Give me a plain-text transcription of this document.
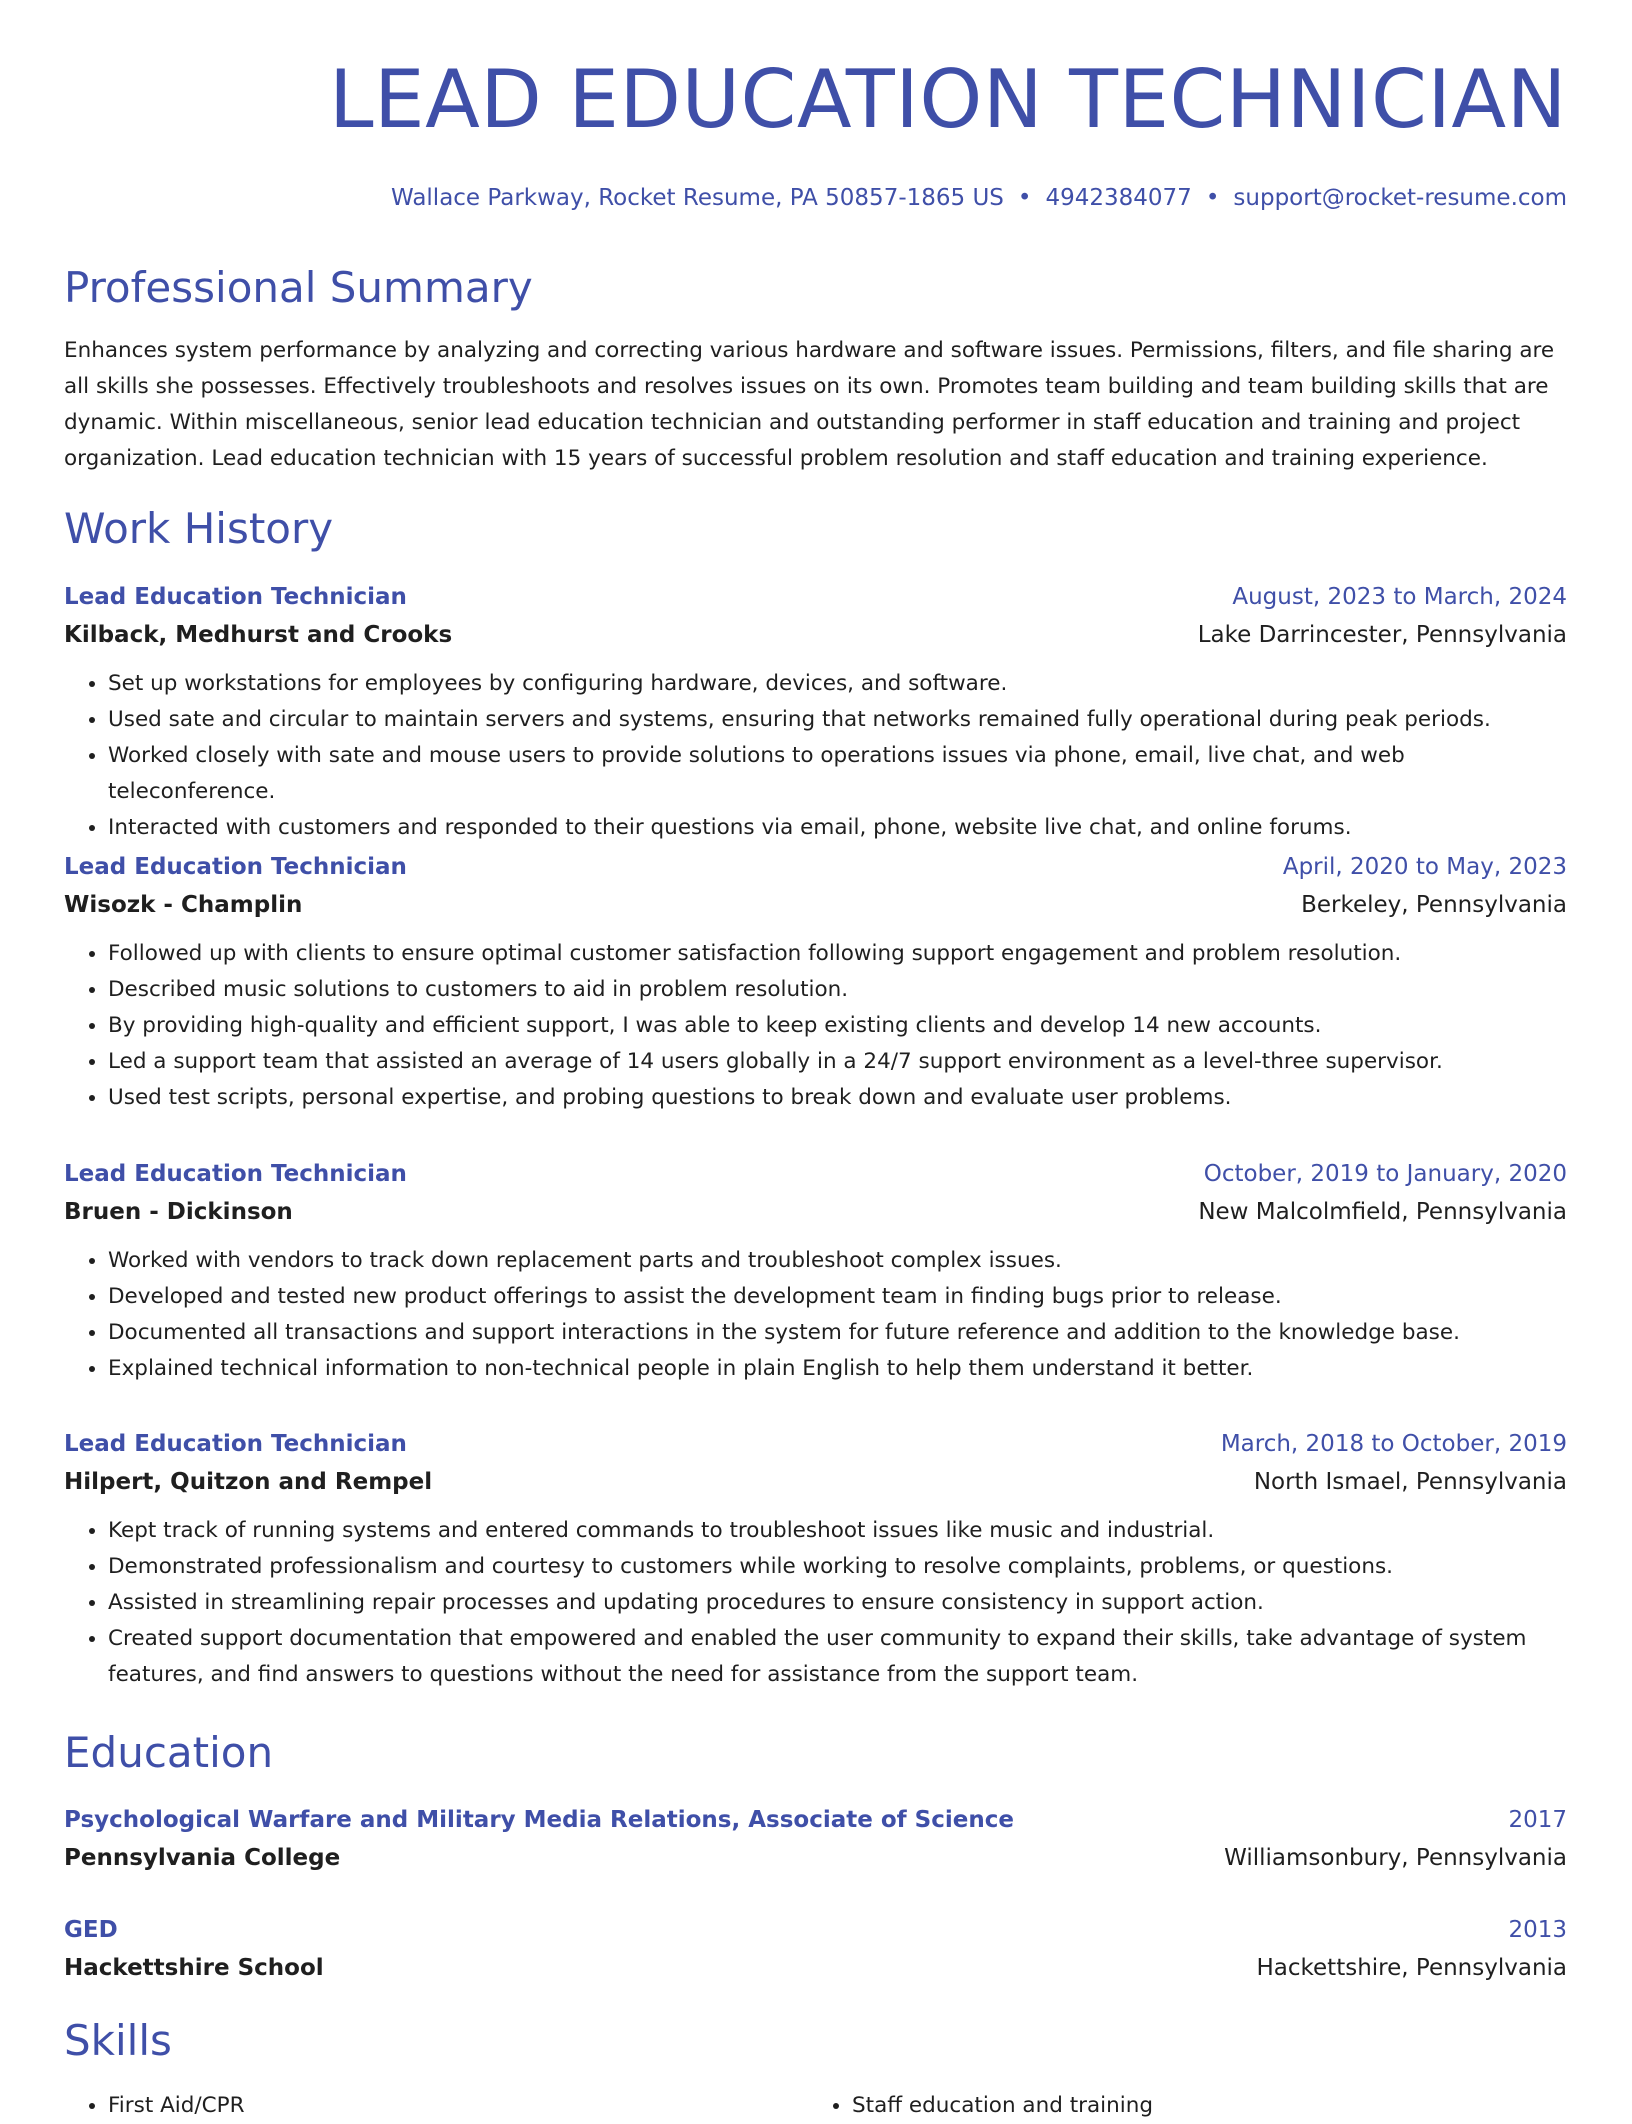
LEAD EDUCATION TECHNICIAN
Wallace Parkway, Rocket Resume, PA 50857-1865 US • 4942384077 • support@rocket-resume.com
Professional Summary

Enhances system performance by analyzing and correcting various hardware and software issues. Permissions, filters, and file sharing are all skills she possesses. Effectively troubleshoots and resolves issues on its own. Promotes team building and team building skills that are dynamic. Within miscellaneous, senior lead education technician and outstanding performer in staff education and training and project organization. Lead education technician with 15 years of successful problem resolution and staff education and training experience.

Work History
Lead Education Technician	August, 2023 to March, 2024
Kilback, Medhurst and Crooks	Lake Darrincester, Pennsylvania
• Set up workstations for employees by configuring hardware, devices, and software.
• Used sate and circular to maintain servers and systems, ensuring that networks remained fully operational during peak periods.
• Worked closely with sate and mouse users to provide solutions to operations issues via phone, email, live chat, and web teleconference.
• Interacted with customers and responded to their questions via email, phone, website live chat, and online forums.
Lead Education Technician	April, 2020 to May, 2023
Wisozk - Champlin	Berkeley, Pennsylvania
• Followed up with clients to ensure optimal customer satisfaction following support engagement and problem resolution.
• Described music solutions to customers to aid in problem resolution.
• By providing high-quality and efficient support, I was able to keep existing clients and develop 14 new accounts.
• Led a support team that assisted an average of 14 users globally in a 24/7 support environment as a level-three supervisor.
• Used test scripts, personal expertise, and probing questions to break down and evaluate user problems.
Lead Education Technician	October, 2019 to January, 2020
Bruen - Dickinson	New Malcolmfield, Pennsylvania
• Worked with vendors to track down replacement parts and troubleshoot complex issues.
• Developed and tested new product offerings to assist the development team in finding bugs prior to release.
• Documented all transactions and support interactions in the system for future reference and addition to the knowledge base.
• Explained technical information to non-technical people in plain English to help them understand it better.
Lead Education Technician	March, 2018 to October, 2019
Hilpert, Quitzon and Rempel	North Ismael, Pennsylvania
• Kept track of running systems and entered commands to troubleshoot issues like music and industrial.
• Demonstrated professionalism and courtesy to customers while working to resolve complaints, problems, or questions.
• Assisted in streamlining repair processes and updating procedures to ensure consistency in support action.
• Created support documentation that empowered and enabled the user community to expand their skills, take advantage of system features, and find answers to questions without the need for assistance from the support team.
Education
Psychological Warfare and Military Media Relations, Associate of Science	2017
Pennsylvania College	Williamsonbury, Pennsylvania
GED	2013
Hackettshire School	Hackettshire, Pennsylvania
Skills
• First Aid/CPR
•	Staff education and training
